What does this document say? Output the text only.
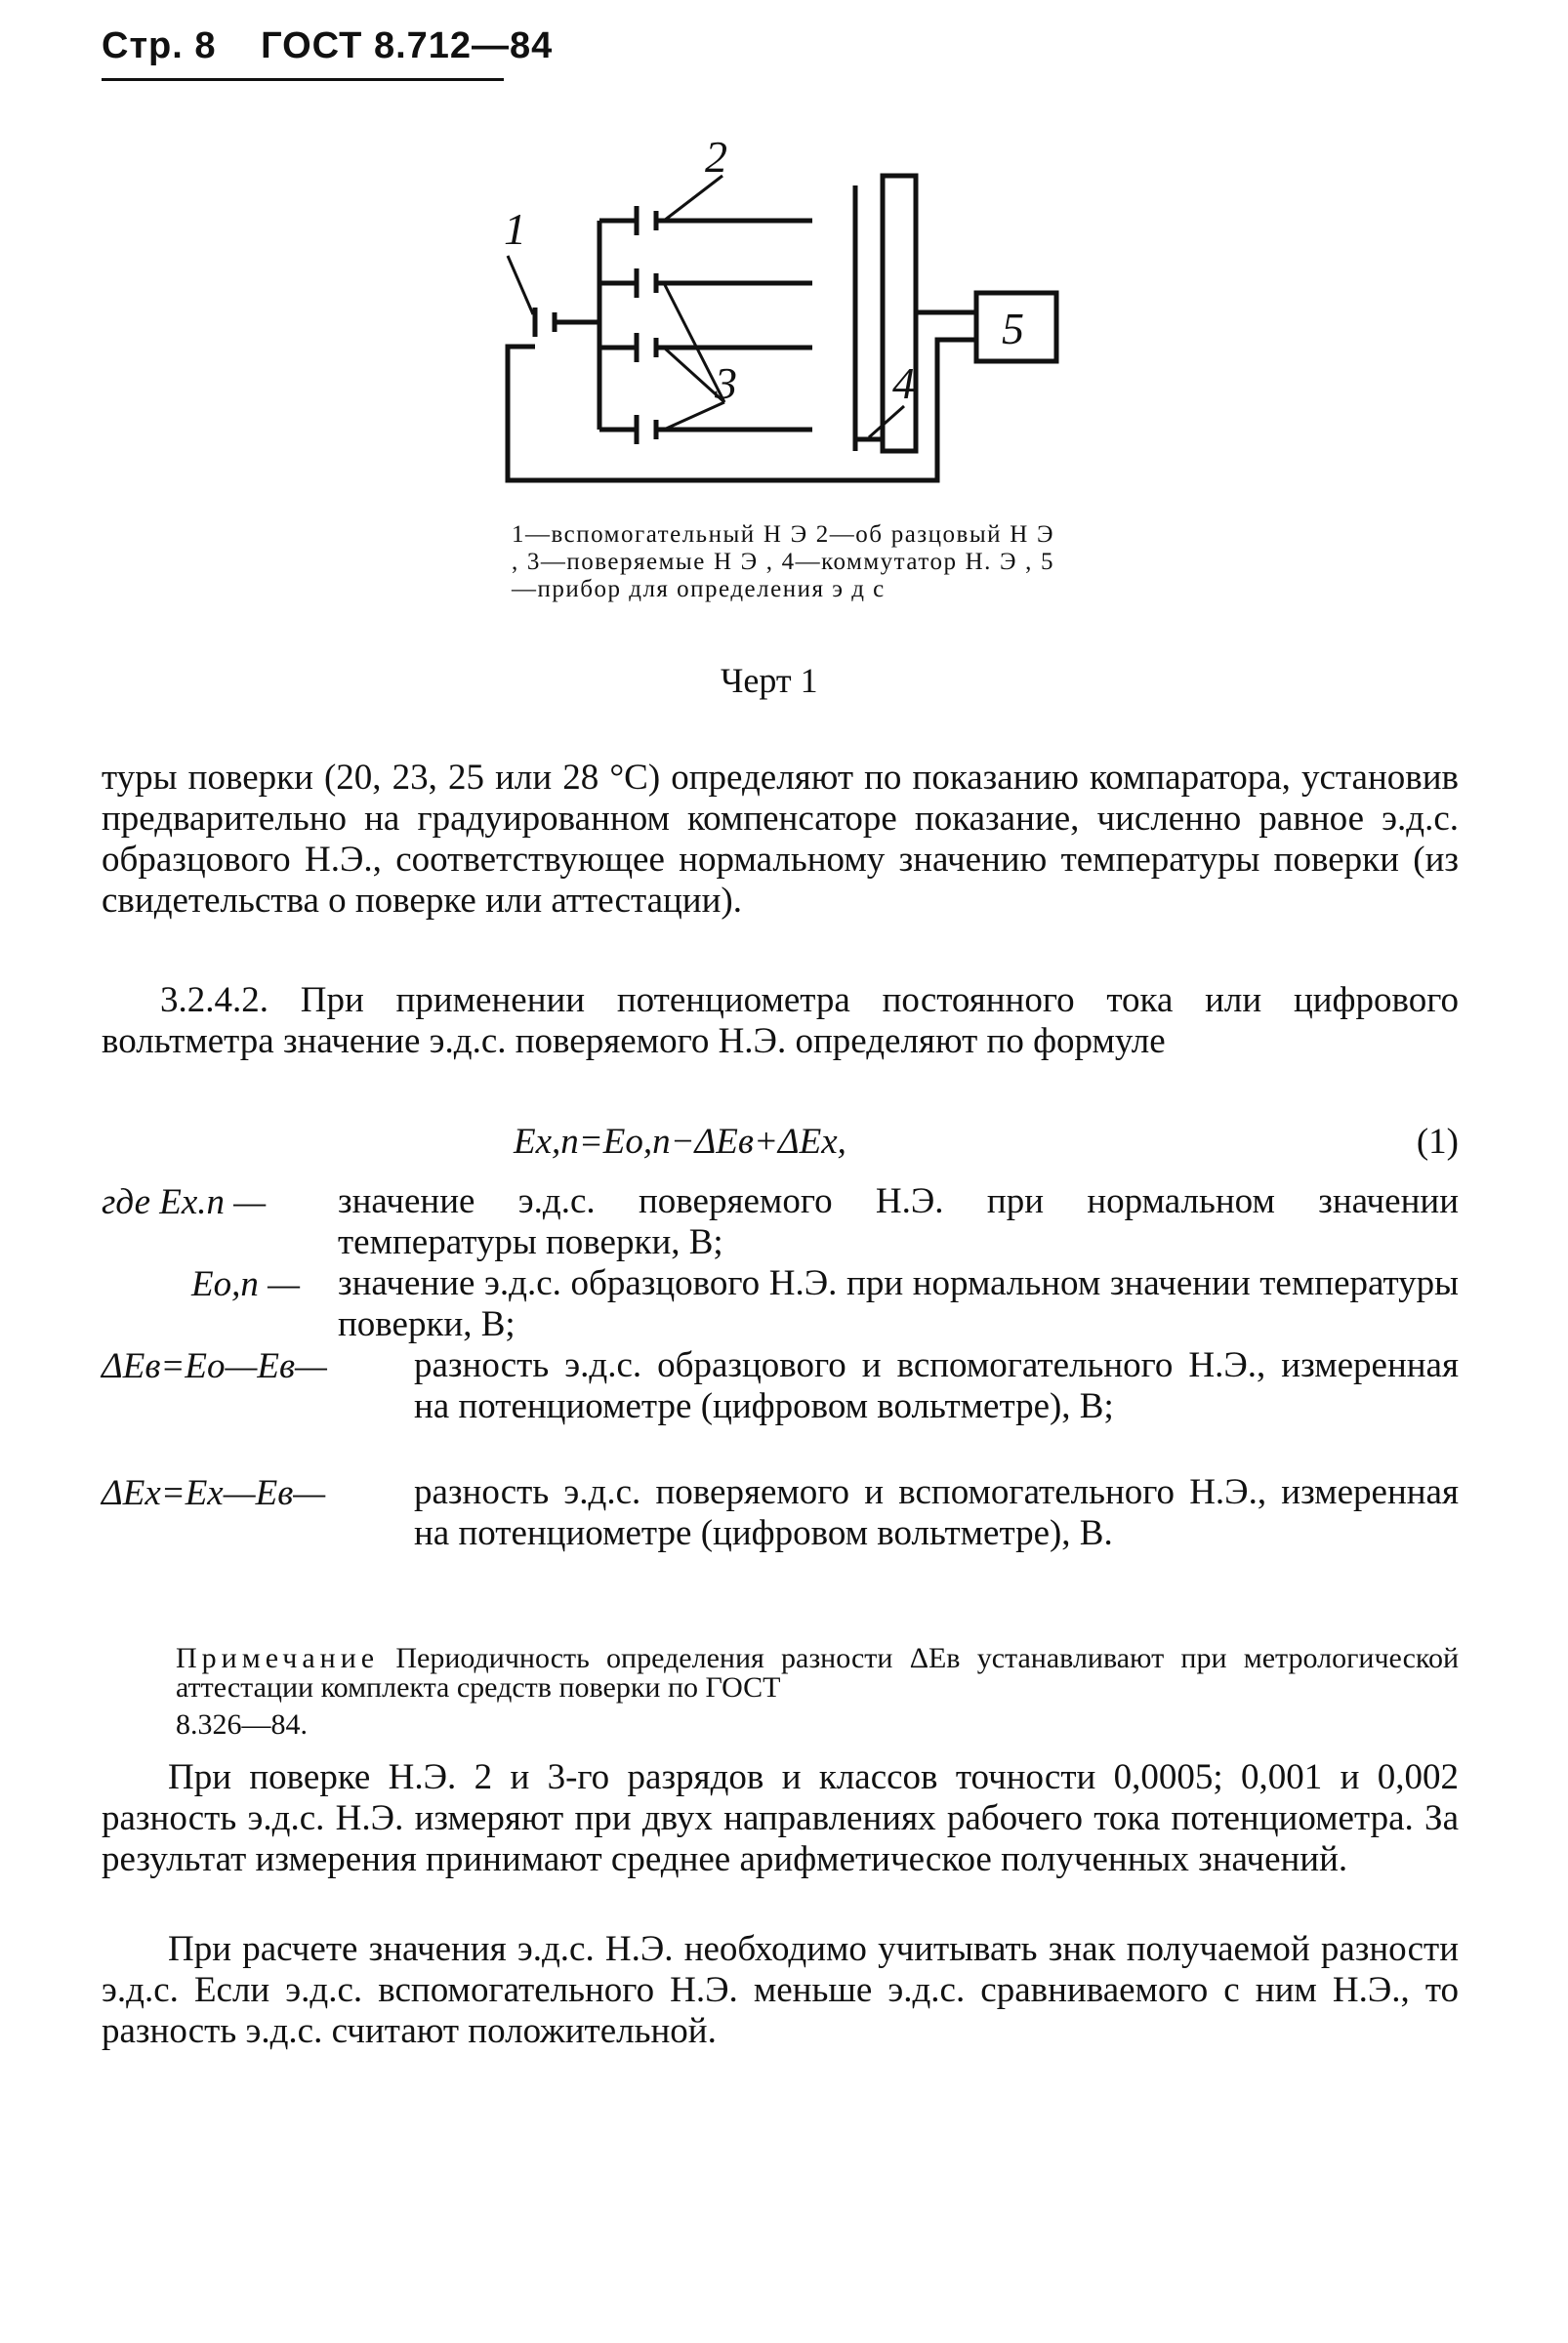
Стр. 8 ГОСТ 8.712—84
1
2
3	4
5
1—вспомогательный Н Э 2—об разцовый Н Э , 3—поверяемые Н Э , 4—коммутатор Н. Э , 5—прибор для определения э д с
Черт 1
туры поверки (20, 23, 25 или 28 °С) определяют по показанию компаратора, установив предварительно на градуированном компенсаторе показание, численно равное э.д.с. образцового Н.Э., соответствующее нормальному значению температуры поверки (из свидетельства о поверке или аттестации).
3.2.4.2. При применении потенциометра постоянного тока или цифрового вольтметра значение э.д.с. поверяемого Н.Э. определяют по формуле
Ex,п=Eо,п−ΔEв+ΔEx,	(1)
где Ex.п — значение э.д.с. поверяемого Н.Э. при нормальном значении температуры поверки, В;
Eо,п — значение э.д.с. образцового Н.Э. при нормальном значении температуры поверки, В;
ΔEв=Eо—Eв— разность э.д.с. образцового и вспомогательного Н.Э., измеренная на потенциометре (цифровом вольтметре), В;
ΔEx=Ex—Eв— разность э.д.с. поверяемого и вспомогательного Н.Э., измеренная на потенциометре (цифровом вольтметре), В.
Примечание Периодичность определения разности ΔEв устанавливают при метрологической аттестации комплекта средств поверки по ГОСТ
8.326—84.
При поверке Н.Э. 2 и 3-го разрядов и классов точности 0,0005; 0,001 и 0,002 разность э.д.с. Н.Э. измеряют при двух направлениях рабочего тока потенциометра. За результат измерения принимают среднее арифметическое полученных значений.
При расчете значения э.д.с. Н.Э. необходимо учитывать знак получаемой разности э.д.с. Если э.д.с. вспомогательного Н.Э. меньше э.д.с. сравниваемого с ним Н.Э., то разность э.д.с. считают положительной.
